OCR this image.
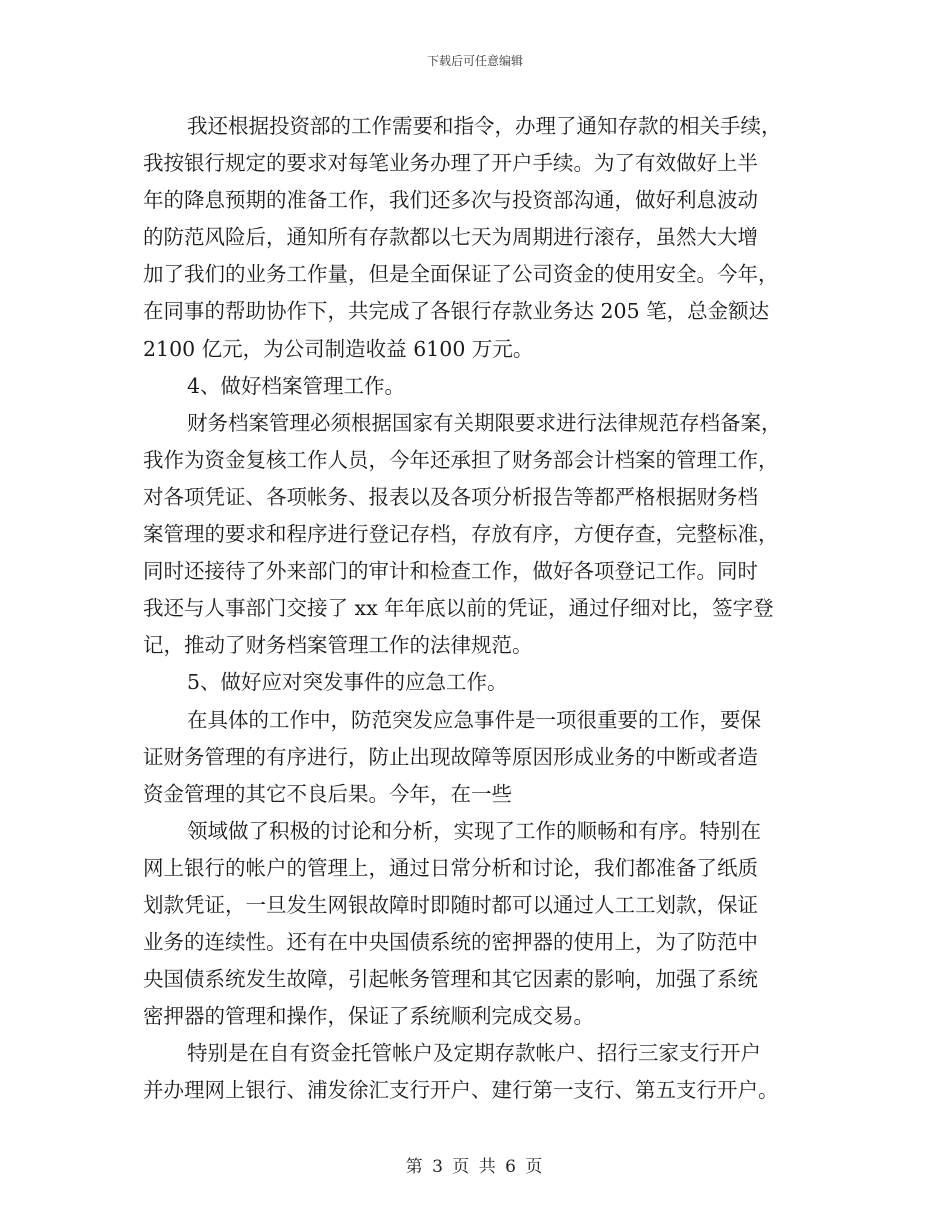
下载后可任意编辑
我还根据投资部的工作需要和指令，办理了通知存款的相关手续，
我按银行规定的要求对每笔业务办理了开户手续。为了有效做好上半
年的降息预期的准备工作，我们还多次与投资部沟通，做好利息波动
的防范风险后，通知所有存款都以七天为周期进行滚存，虽然大大增
加了我们的业务工作量，但是全面保证了公司资金的使用安全。今年，
在同事的帮助协作下，共完成了各银行存款业务达 205 笔，总金额达
2100 亿元，为公司制造收益 6100 万元。
4、做好档案管理工作。
财务档案管理必须根据国家有关期限要求进行法律规范存档备案，
我作为资金复核工作人员，今年还承担了财务部会计档案的管理工作，
对各项凭证、各项帐务、报表以及各项分析报告等都严格根据财务档
案管理的要求和程序进行登记存档，存放有序，方便存查，完整标准，
同时还接待了外来部门的审计和检查工作，做好各项登记工作。同时
我还与人事部门交接了 xx 年年底以前的凭证，通过仔细对比，签字登
记，推动了财务档案管理工作的法律规范。
5、做好应对突发事件的应急工作。
在具体的工作中，防范突发应急事件是一项很重要的工作，要保
证财务管理的有序进行，防止出现故障等原因形成业务的中断或者造
资金管理的其它不良后果。今年，在一些
领域做了积极的讨论和分析，实现了工作的顺畅和有序。特别在
网上银行的帐户的管理上，通过日常分析和讨论，我们都准备了纸质
划款凭证，一旦发生网银故障时即随时都可以通过人工工划款，保证
业务的连续性。还有在中央国债系统的密押器的使用上，为了防范中
央国债系统发生故障，引起帐务管理和其它因素的影响，加强了系统
密押器的管理和操作，保证了系统顺利完成交易。
特别是在自有资金托管帐户及定期存款帐户、招行三家支行开户
并办理网上银行、浦发徐汇支行开户、建行第一支行、第五支行开户。
第 3 页 共 6 页
